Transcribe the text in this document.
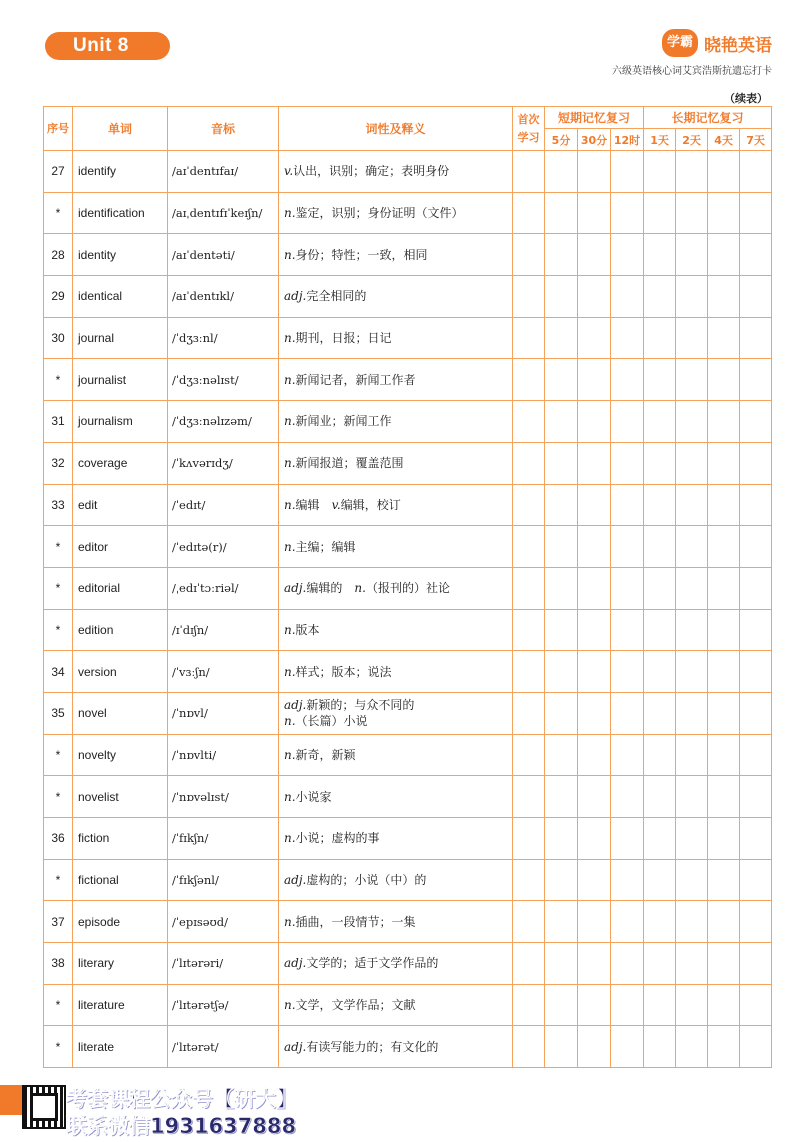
Unit 8	学霸 晓艳英语
六级英语核心词艾宾浩斯抗遗忘打卡
（续表）
序号	单词	音标	词性及释义	首次学习	短期记忆复习			长期记忆复习			
					5分	30分	12时	1天	2天	4天	7天
27	identify	/aɪˈdentɪfaɪ/	v.认出，识别；确定；表明身份								
*	identification	/aɪˌdentɪfɪˈkeɪʃn/	n.鉴定，识别；身份证明（文件）								
28	identity	/aɪˈdentəti/	n.身份；特性；一致，相同								
29	identical	/aɪˈdentɪkl/	adj.完全相同的								
30	journal	/ˈdʒɜːnl/	n.期刊，日报；日记								
*	journalist	/ˈdʒɜːnəlɪst/	n.新闻记者，新闻工作者								
31	journalism	/ˈdʒɜːnəlɪzəm/	n.新闻业；新闻工作								
32	coverage	/ˈkʌvərɪdʒ/	n.新闻报道；覆盖范围								
33	edit	/ˈedɪt/	n.编辑　v.编辑，校订								
*	editor	/ˈedɪtə(r)/	n.主编；编辑								
*	editorial	/ˌedɪˈtɔːriəl/	adj.编辑的　n.（报刊的）社论								
*	edition	/ɪˈdɪʃn/	n.版本								
34	version	/ˈvɜːʃn/	n.样式；版本；说法								
35	novel	/ˈnɒvl/	adj.新颖的；与众不同的
n.（长篇）小说								
*	novelty	/ˈnɒvlti/	n.新奇，新颖								
*	novelist	/ˈnɒvəlɪst/	n.小说家								
36	fiction	/ˈfɪkʃn/	n.小说；虚构的事								
*	fictional	/ˈfɪkʃənl/	adj.虚构的；小说（中）的								
37	episode	/ˈepɪsəʊd/	n.插曲，一段情节；一集								
38	literary	/ˈlɪtərəri/	adj.文学的；适于文学作品的								
*	literature	/ˈlɪtərətʃə/	n.文学，文学作品；文献								
*	literate	/ˈlɪtərət/	adj.有读写能力的；有文化的								
考套课程公众号【研大】
联系微信1931637888
